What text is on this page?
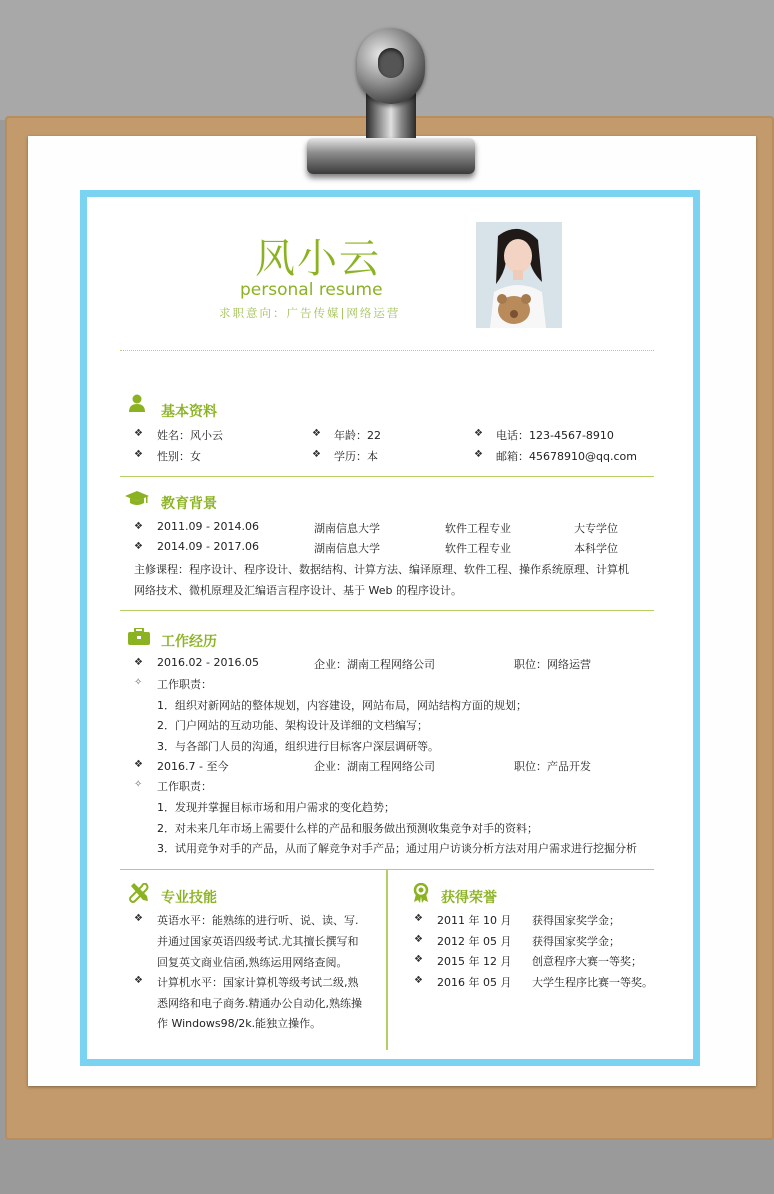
风小云
personal resume
求职意向：广告传媒|网络运营
基本资料
❖ 姓名：风小云	❖ 年龄：22	❖ 电话：123-4567-8910
❖ 性别：女	❖ 学历：本	❖ 邮箱：45678910@qq.com
教育背景
❖ 2011.09 - 2014.06	湖南信息大学	软件工程专业	大专学位
❖ 2014.09 - 2017.06	湖南信息大学	软件工程专业	本科学位
主修课程：程序设计、程序设计、数据结构、计算方法、编译原理、软件工程、操作系统原理、计算机
网络技术、微机原理及汇编语言程序设计、基于 Web 的程序设计。
工作经历
❖ 2016.02 - 2016.05	企业：湖南工程网络公司	职位：网络运营
✧ 工作职责：
1．组织对新网站的整体规划，内容建设，网站布局，网站结构方面的规划；
2．门户网站的互动功能、架构设计及详细的文档编写；
3．与各部门人员的沟通，组织进行目标客户深层调研等。
❖ 2016.7 - 至今	企业：湖南工程网络公司	职位：产品开发
✧ 工作职责：
1．发现并掌握目标市场和用户需求的变化趋势；
2．对未来几年市场上需要什么样的产品和服务做出预测收集竞争对手的资料；
3．试用竞争对手的产品，从而了解竞争对手产品；通过用户访谈分析方法对用户需求进行挖掘分析
专业技能
❖ 英语水平：能熟练的进行听、说、读、写.
并通过国家英语四级考试.尤其擅长撰写和
回复英文商业信函,熟练运用网络查阅。
❖ 计算机水平：国家计算机等级考试二级,熟
悉网络和电子商务.精通办公自动化,熟练操
作 Windows98/2k.能独立操作。
获得荣誉
❖ 2011 年 10 月 获得国家奖学金；
❖ 2012 年 05 月 获得国家奖学金；
❖ 2015 年 12 月 创意程序大赛一等奖；
❖ 2016 年 05 月 大学生程序比赛一等奖。
